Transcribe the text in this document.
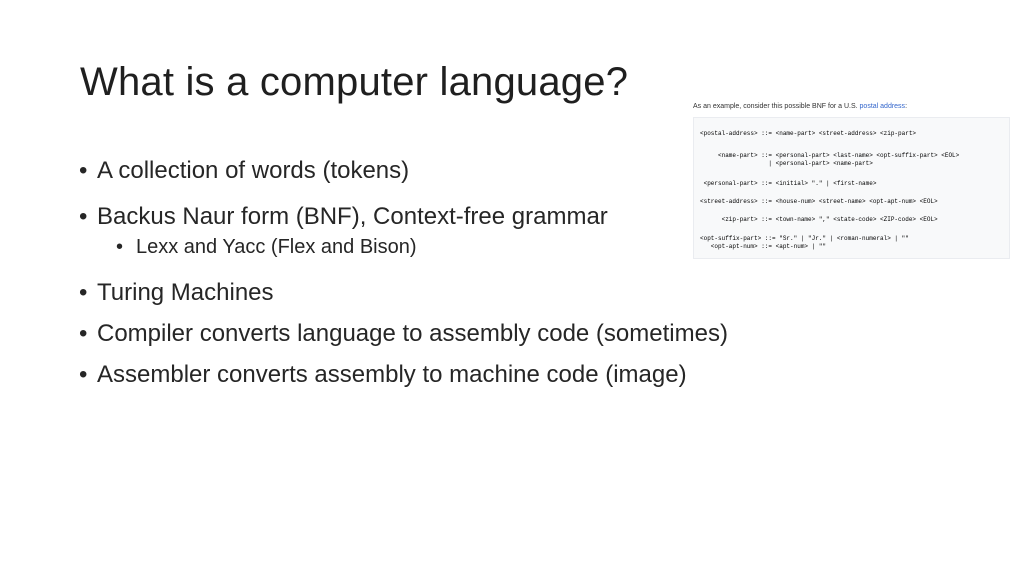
What is a computer language?
• A collection of words (tokens)
• Backus Naur form (BNF), Context-free grammar
• Lexx and Yacc (Flex and Bison)
• Turing Machines
• Compiler converts language to assembly code (sometimes)
• Assembler converts assembly to machine code (image)
As an example, consider this possible BNF for a U.S. postal address:
<postal-address> ::= <name-part> <street-address> <zip-part>
<name-part> ::= <personal-part> <last-name> <opt-suffix-part> <EOL>
| <personal-part> <name-part>
<personal-part> ::= <initial> "." | <first-name>
<street-address> ::= <house-num> <street-name> <opt-apt-num> <EOL>
<zip-part> ::= <town-name> "," <state-code> <ZIP-code> <EOL>
<opt-suffix-part> ::= "Sr." | "Jr." | <roman-numeral> | ""
<opt-apt-num> ::= <apt-num> | ""
